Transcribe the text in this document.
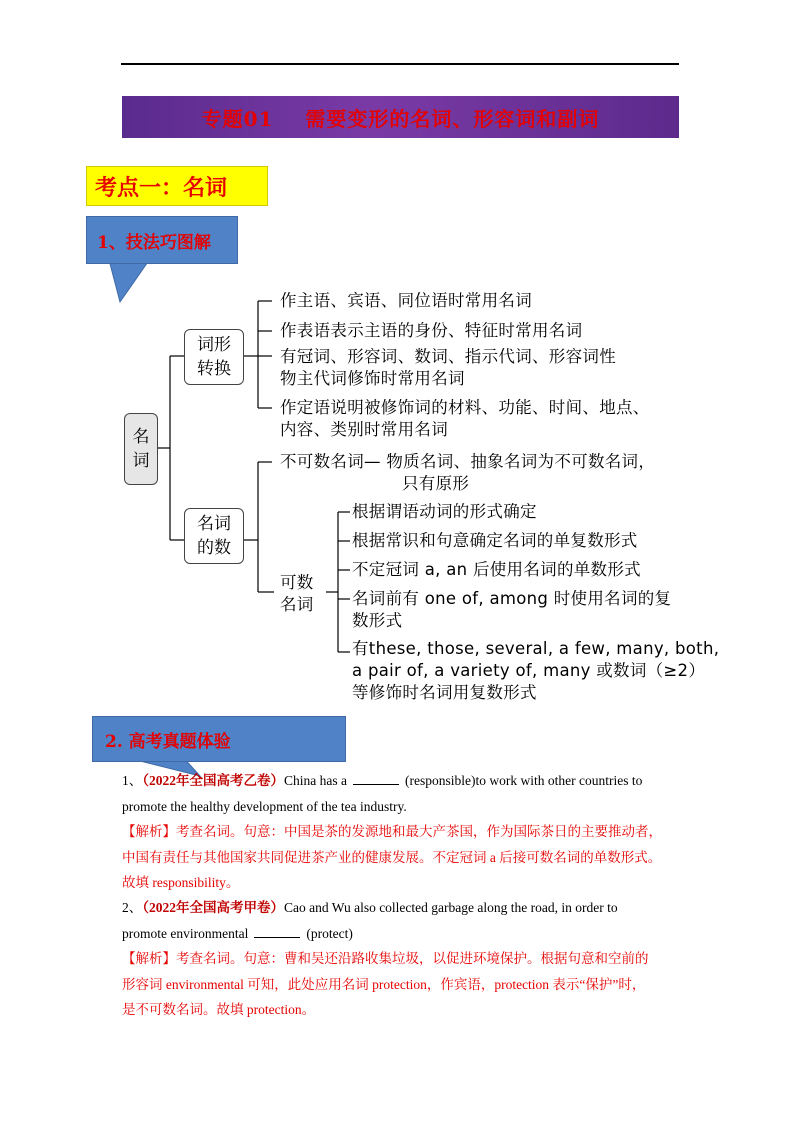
专题01    需要变形的名词、形容词和副词
考点一：名词
1、技法巧图解
名
词
词形
转换
名词
的数
作主语、宾语、同位语时常用名词
作表语表示主语的身份、特征时常用名词
有冠词、形容词、数词、指示代词、形容词性
物主代词修饰时常用名词
作定语说明被修饰词的材料、功能、时间、地点、
内容、类别时常用名词
不可数名词— 物质名词、抽象名词为不可数名词，
只有原形
可数
名词
根据谓语动词的形式确定
根据常识和句意确定名词的单复数形式
不定冠词 a, an 后使用名词的单数形式
名词前有 one of, among 时使用名词的复
数形式
有these, those, several, a few, many, both,
a pair of, a variety of, many 或数词（≥2）
等修饰时名词用复数形式
2. 高考真题体验
1、（2022年全国高考乙卷）China has a	(responsible)to work with other countries to
promote the healthy development of the tea industry.
【解析】考查名词。句意：中国是茶的发源地和最大产茶国，作为国际茶日的主要推动者，
中国有责任与其他国家共同促进茶产业的健康发展。不定冠词 a 后接可数名词的单数形式。
故填 responsibility。
2、（2022年全国高考甲卷）Cao and Wu also collected garbage along the road, in order to
promote environmental	(protect)
【解析】考查名词。句意：曹和吴还沿路收集垃圾，以促进环境保护。根据句意和空前的
形容词 environmental 可知，此处应用名词 protection，作宾语，protection 表示“保护”时，
是不可数名词。故填 protection。
